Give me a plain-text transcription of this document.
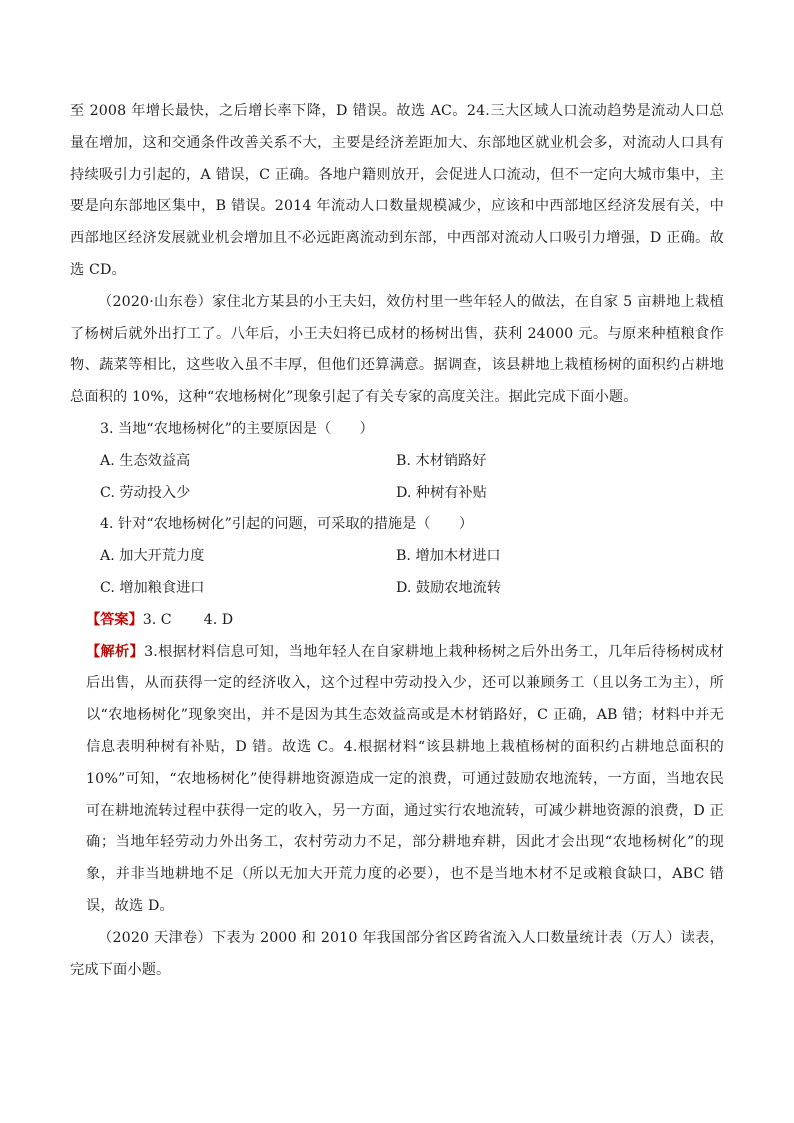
至 2008 年增长最快，之后增长率下降，D 错误。故选 AC。24.三大区域人口流动趋势是流动人口总量在增加，这和交通条件改善关系不大，主要是经济差距加大、东部地区就业机会多，对流动人口具有持续吸引力引起的，A 错误，C 正确。各地户籍则放开，会促进人口流动，但不一定向大城市集中，主要是向东部地区集中，B 错误。2014 年流动人口数量规模减少，应该和中西部地区经济发展有关，中西部地区经济发展就业机会增加且不必远距离流动到东部，中西部对流动人口吸引力增强，D 正确。故选 CD。

（2020·山东卷）家住北方某县的小王夫妇，效仿村里一些年轻人的做法，在自家 5 亩耕地上栽植了杨树后就外出打工了。八年后，小王夫妇将已成材的杨树出售，获利 24000 元。与原来种植粮食作物、蔬菜等相比，这些收入虽不丰厚，但他们还算满意。据调查，该县耕地上栽植杨树的面积约占耕地总面积的 10%，这种“农地杨树化”现象引起了有关专家的高度关注。据此完成下面小题。

3. 当地“农地杨树化”的主要原因是（　　）

A. 生态效益高	B. 木材销路好
C. 劳动投入少	D. 种树有补贴

4. 针对“农地杨树化”引起的问题，可采取的措施是（　　）

A. 加大开荒力度	B. 增加木材进口
C. 增加粮食进口	D. 鼓励农地流转

【答案】3. C 4. D

【解析】3.根据材料信息可知，当地年轻人在自家耕地上栽种杨树之后外出务工，几年后待杨树成材后出售，从而获得一定的经济收入，这个过程中劳动投入少，还可以兼顾务工（且以务工为主），所以“农地杨树化”现象突出，并不是因为其生态效益高或是木材销路好，C 正确，AB 错；材料中并无信息表明种树有补贴，D 错。故选 C。4.根据材料“该县耕地上栽植杨树的面积约占耕地总面积的 10%”可知，“农地杨树化”使得耕地资源造成一定的浪费，可通过鼓励农地流转，一方面，当地农民可在耕地流转过程中获得一定的收入，另一方面，通过实行农地流转，可减少耕地资源的浪费，D 正确；当地年轻劳动力外出务工，农村劳动力不足，部分耕地弃耕，因此才会出现“农地杨树化”的现象，并非当地耕地不足（所以无加大开荒力度的必要），也不是当地木材不足或粮食缺口，ABC 错误，故选 D。

（2020 天津卷）下表为 2000 和 2010 年我国部分省区跨省流入人口数量统计表（万人）读表，完成下面小题。
